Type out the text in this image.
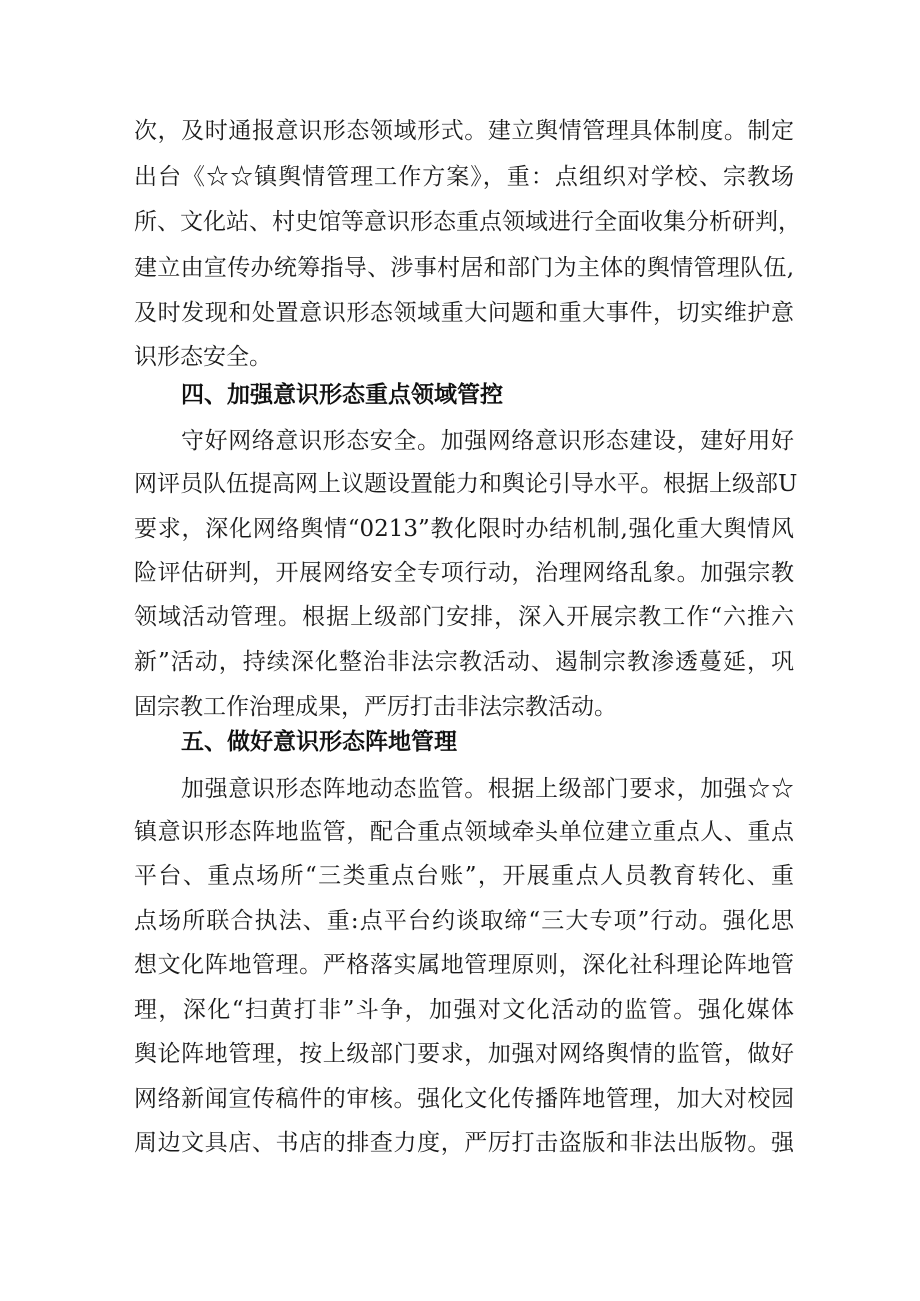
次，及时通报意识形态领域形式。建立舆情管理具体制度。制定
出台《☆☆镇舆情管理工作方案》，重：点组织对学校、宗教场
所、文化站、村史馆等意识形态重点领域进行全面收集分析研判，
建立由宣传办统筹指导、涉事村居和部门为主体的舆情管理队伍,
及时发现和处置意识形态领域重大问题和重大事件，切实维护意
识形态安全。
四、加强意识形态重点领域管控
守好网络意识形态安全。加强网络意识形态建设，建好用好
网评员队伍提高网上议题设置能力和舆论引导水平。根据上级部U
要求，深化网络舆情“0213”教化限时办结机制,强化重大舆情风
险评估研判，开展网络安全专项行动，治理网络乱象。加强宗教
领域活动管理。根据上级部门安排，深入开展宗教工作“六推六
新”活动，持续深化整治非法宗教活动、遏制宗教渗透蔓延，巩
固宗教工作治理成果，严厉打击非法宗教活动。
五、做好意识形态阵地管理
加强意识形态阵地动态监管。根据上级部门要求，加强☆☆
镇意识形态阵地监管，配合重点领域牵头单位建立重点人、重点
平台、重点场所“三类重点台账”，开展重点人员教育转化、重
点场所联合执法、重:点平台约谈取缔“三大专项”行动。强化思
想文化阵地管理。严格落实属地管理原则，深化社科理论阵地管
理，深化“扫黄打非”斗争，加强对文化活动的监管。强化媒体
舆论阵地管理，按上级部门要求，加强对网络舆情的监管，做好
网络新闻宣传稿件的审核。强化文化传播阵地管理，加大对校园
周边文具店、书店的排查力度，严厉打击盗版和非法出版物。强
